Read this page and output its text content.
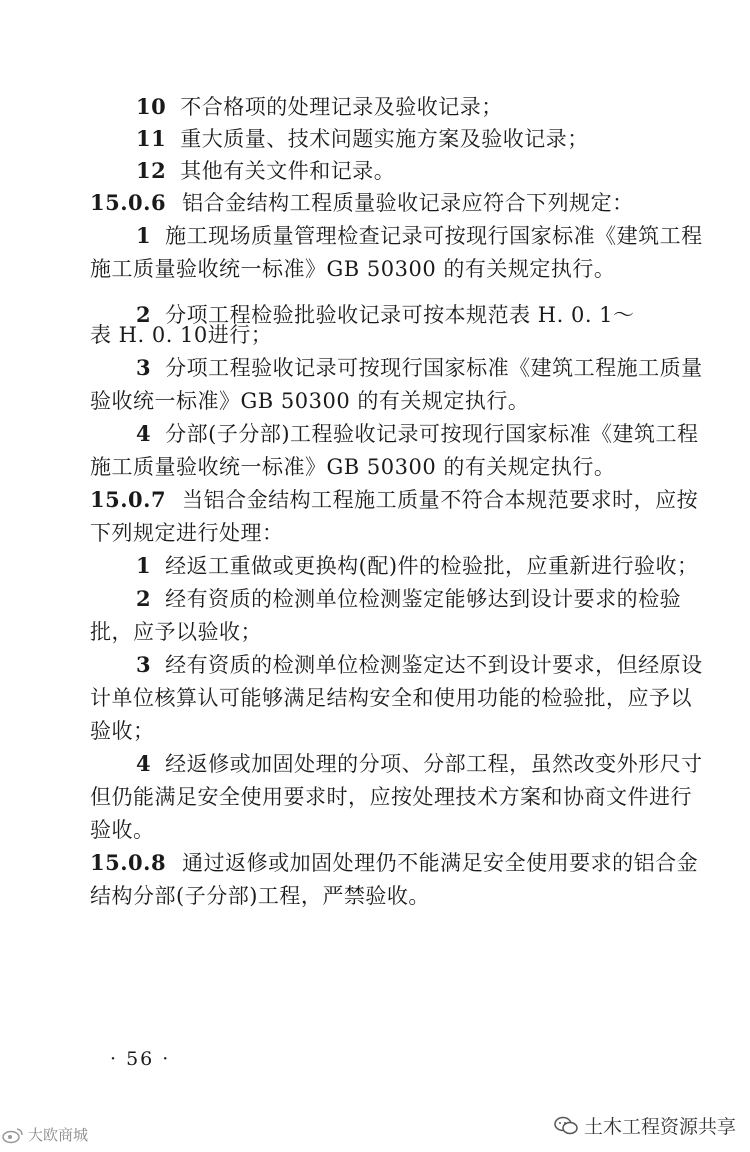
10 不合格项的处理记录及验收记录；
11 重大质量、技术问题实施方案及验收记录；
12 其他有关文件和记录。
15.0.6 铝合金结构工程质量验收记录应符合下列规定：
1 施工现场质量管理检查记录可按现行国家标准《建筑工程
施工质量验收统一标准》GB 50300 的有关规定执行。
2 分项工程检验批验收记录可按本规范表 H. 0. 1～
表 H. 0. 10进行；
3 分项工程验收记录可按现行国家标准《建筑工程施工质量
验收统一标准》GB 50300 的有关规定执行。
4 分部(子分部)工程验收记录可按现行国家标准《建筑工程
施工质量验收统一标准》GB 50300 的有关规定执行。
15.0.7 当铝合金结构工程施工质量不符合本规范要求时，应按
下列规定进行处理：
1 经返工重做或更换构(配)件的检验批，应重新进行验收；
2 经有资质的检测单位检测鉴定能够达到设计要求的检验
批，应予以验收；
3 经有资质的检测单位检测鉴定达不到设计要求，但经原设
计单位核算认可能够满足结构安全和使用功能的检验批，应予以
验收；
4 经返修或加固处理的分项、分部工程，虽然改变外形尺寸
但仍能满足安全使用要求时，应按处理技术方案和协商文件进行
验收。
15.0.8 通过返修或加固处理仍不能满足安全使用要求的铝合金
结构分部(子分部)工程，严禁验收。
· 56 ·
土木工程资源共享
大欧商城
